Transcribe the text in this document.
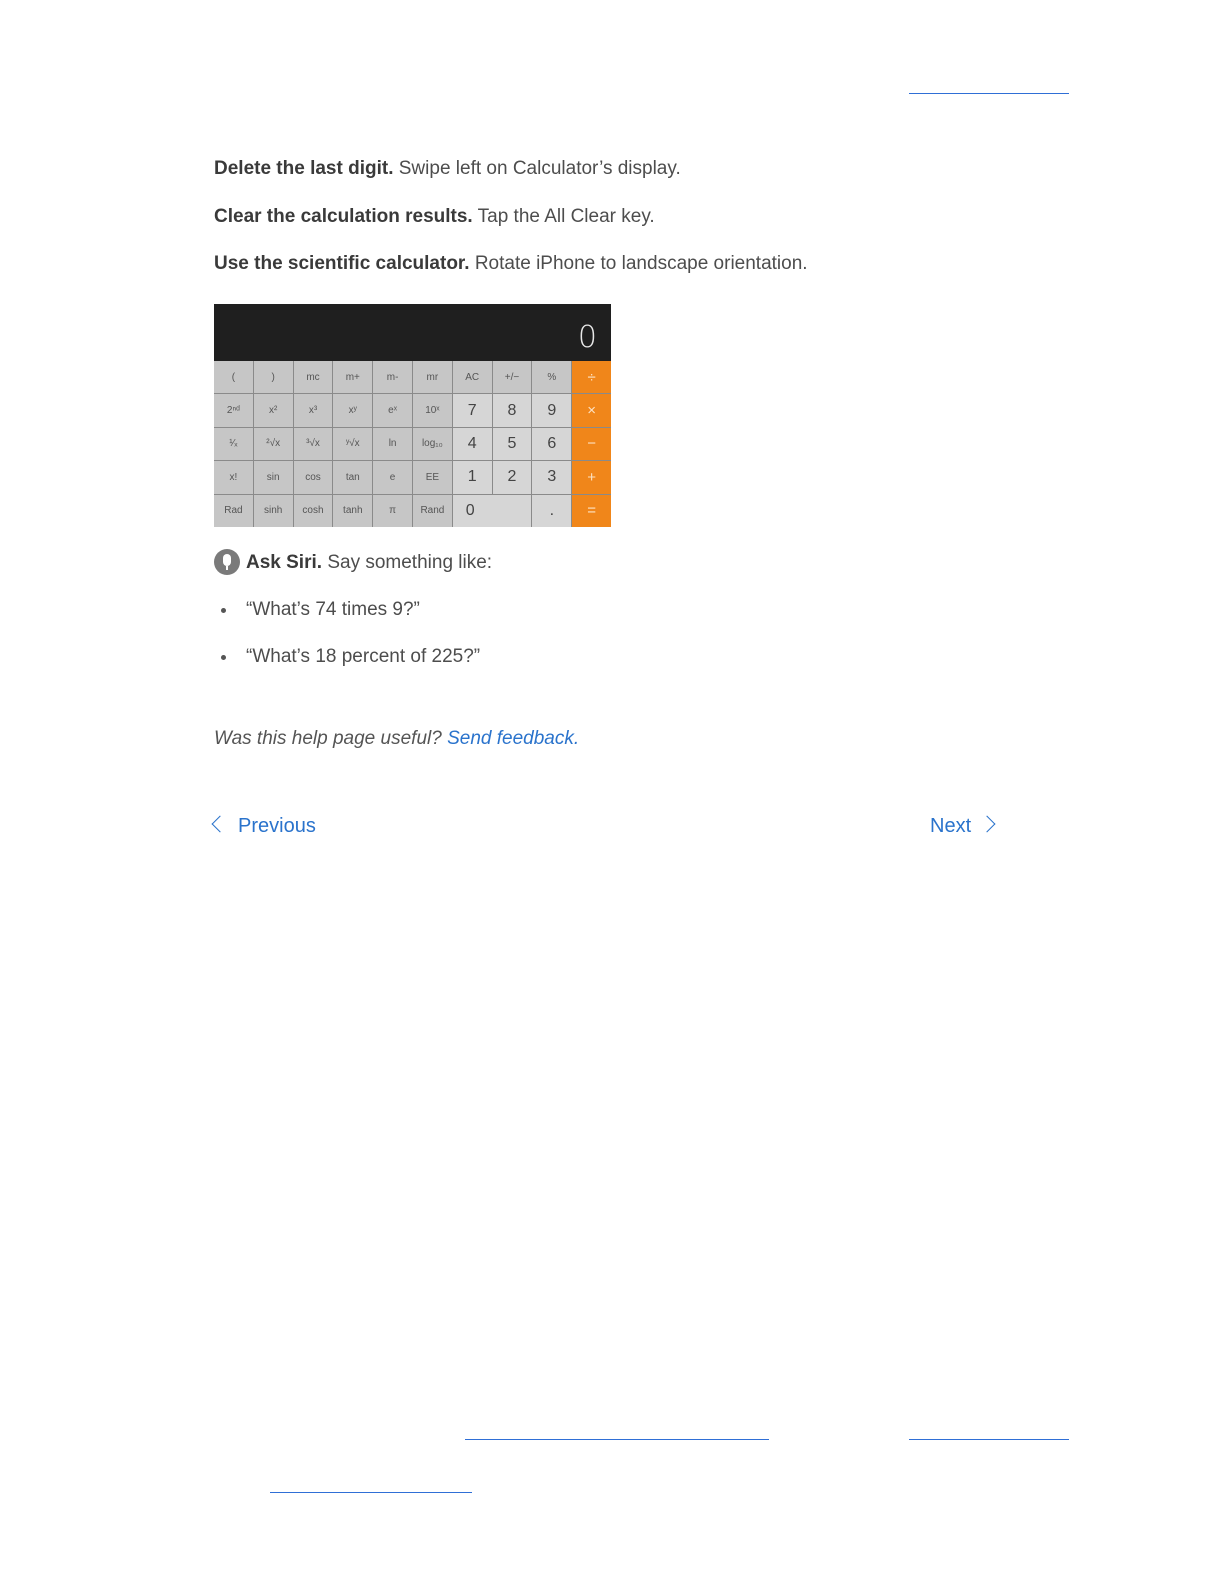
Delete the last digit. Swipe left on Calculator’s display.
Clear the calculation results. Tap the All Clear key.
Use the scientific calculator. Rotate iPhone to landscape orientation.
0
(	)	mc	m+	m-	mr	AC	+/−	%	÷
2ⁿᵈ	x²	x³	xʸ	eˣ	10ˣ	7	8	9	×
¹⁄ₓ	²√x	³√x	ʸ√x	ln	log₁₀	4	5	6	−
x!	sin	cos	tan	e	EE	1	2	3	+
Rad	sinh	cosh	tanh	π	Rand	0	.	=
Ask Siri. Say something like:
“What’s 74 times 9?”
“What’s 18 percent of 225?”
Was this help page useful? Send feedback.
Previous	Next
